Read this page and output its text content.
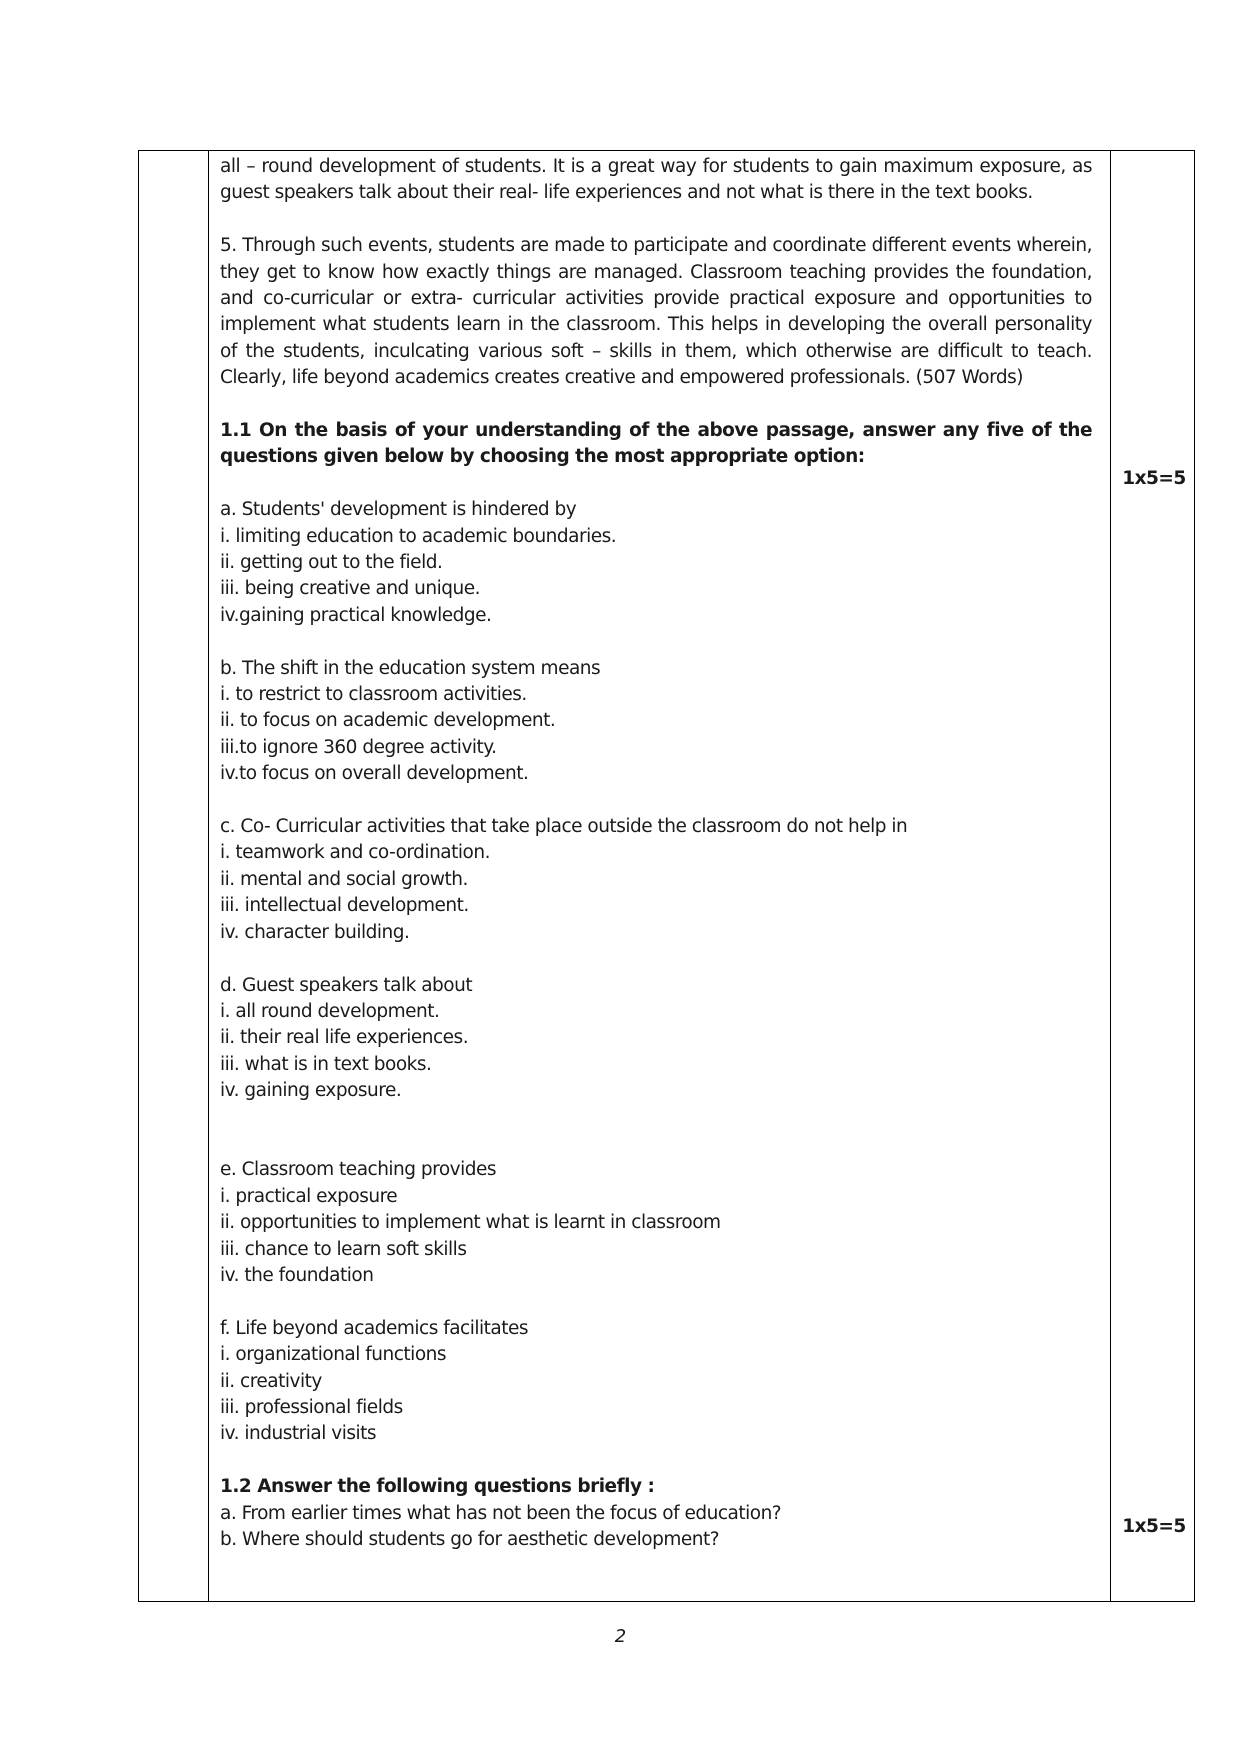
all – round development of students. It is a great way for students to gain maximum exposure, as guest speakers talk about their real- life experiences and not what is there in the text books.

5. Through such events, students are made to participate and coordinate different events wherein, they get to know how exactly things are managed. Classroom teaching provides the foundation, and co-curricular or extra- curricular activities provide practical exposure and opportunities to implement what students learn in the classroom. This helps in developing the overall personality of the students, inculcating various soft – skills in them, which otherwise are difficult to teach. Clearly, life beyond academics creates creative and empowered professionals. (507 Words)

1.1 On the basis of your understanding of the above passage, answer any five of the questions given below by choosing the most appropriate option:

a. Students' development is hindered by

i. limiting education to academic boundaries.

ii. getting out to the field.

iii. being creative and unique.

iv.gaining practical knowledge.

b. The shift in the education system means

i. to restrict to classroom activities.

ii. to focus on academic development.

iii.to ignore 360 degree activity.

iv.to focus on overall development.

c. Co- Curricular activities that take place outside the classroom do not help in

i. teamwork and co-ordination.

ii. mental and social growth.

iii. intellectual development.

iv. character building.

d. Guest speakers talk about

i. all round development.

ii. their real life experiences.

iii. what is in text books.

iv. gaining exposure.

e. Classroom teaching provides

i. practical exposure

ii. opportunities to implement what is learnt in classroom

iii. chance to learn soft skills

iv. the foundation

f. Life beyond academics facilitates

i. organizational functions

ii. creativity

iii. professional fields

iv. industrial visits

1.2 Answer the following questions briefly :

a. From earlier times what has not been the focus of education?

b. Where should students go for aesthetic development?

1x5=5
1x5=5
2
